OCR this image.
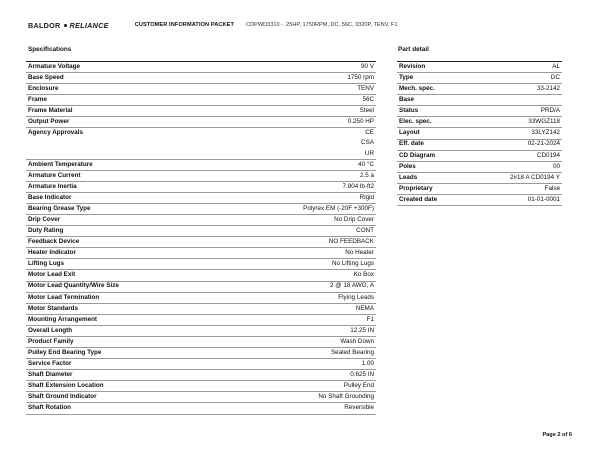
BALDOR RELIANCE	CUSTOMER INFORMATION PACKET CDPWD3310 - .25HP, 1750RPM, DC, 56C, 3320P, TENV, F1
Specifications	Part detail
Armature Voltage	90 V
Base Speed	1750 rpm
Enclosure	TENV
Frame	56C
Frame Material	Steel
Output Power	0.250 HP
Agency Approvals	CE
	CSA
	UR
Ambient Temperature	40 °C
Armature Current	2.5 a
Armature Inertia	7.804 lb-ft2
Base Indicator	Rigid
Bearing Grease Type	Polyrex EM (-20F +300F)
Drip Cover	No Drip Cover
Duty Rating	CONT
Feedback Device	NO FEEDBACK
Heater Indicator	No Heater
Lifting Lugs	No Lifting Lugs
Motor Lead Exit	Ko Box
Motor Lead Quantity/Wire Size	2 @ 18 AWG, A
Motor Lead Termination	Flying Leads
Motor Standards	NEMA
Mounting Arrangement	F1
Overall Length	12.25 IN
Product Family	Wash Down
Pulley End Bearing Type	Sealed Bearing
Service Factor	1.00
Shaft Diameter	0.625 IN
Shaft Extension Location	Pulley End
Shaft Ground Indicator	No Shaft Grounding
Shaft Rotation	Reversible
Revision	AL
Type	DC
Mech. spec.	33-2142
Base	
Status	PRD/A
Elec. spec.	33WGZ118
Layout	33LYZ142
Eff. date	02-21-2024
CD Diagram	CD0194
Poles	00
Leads	2#18 A CD0194 Y
Proprietary	False
Created date	01-01-0001
Page 2 of 6
